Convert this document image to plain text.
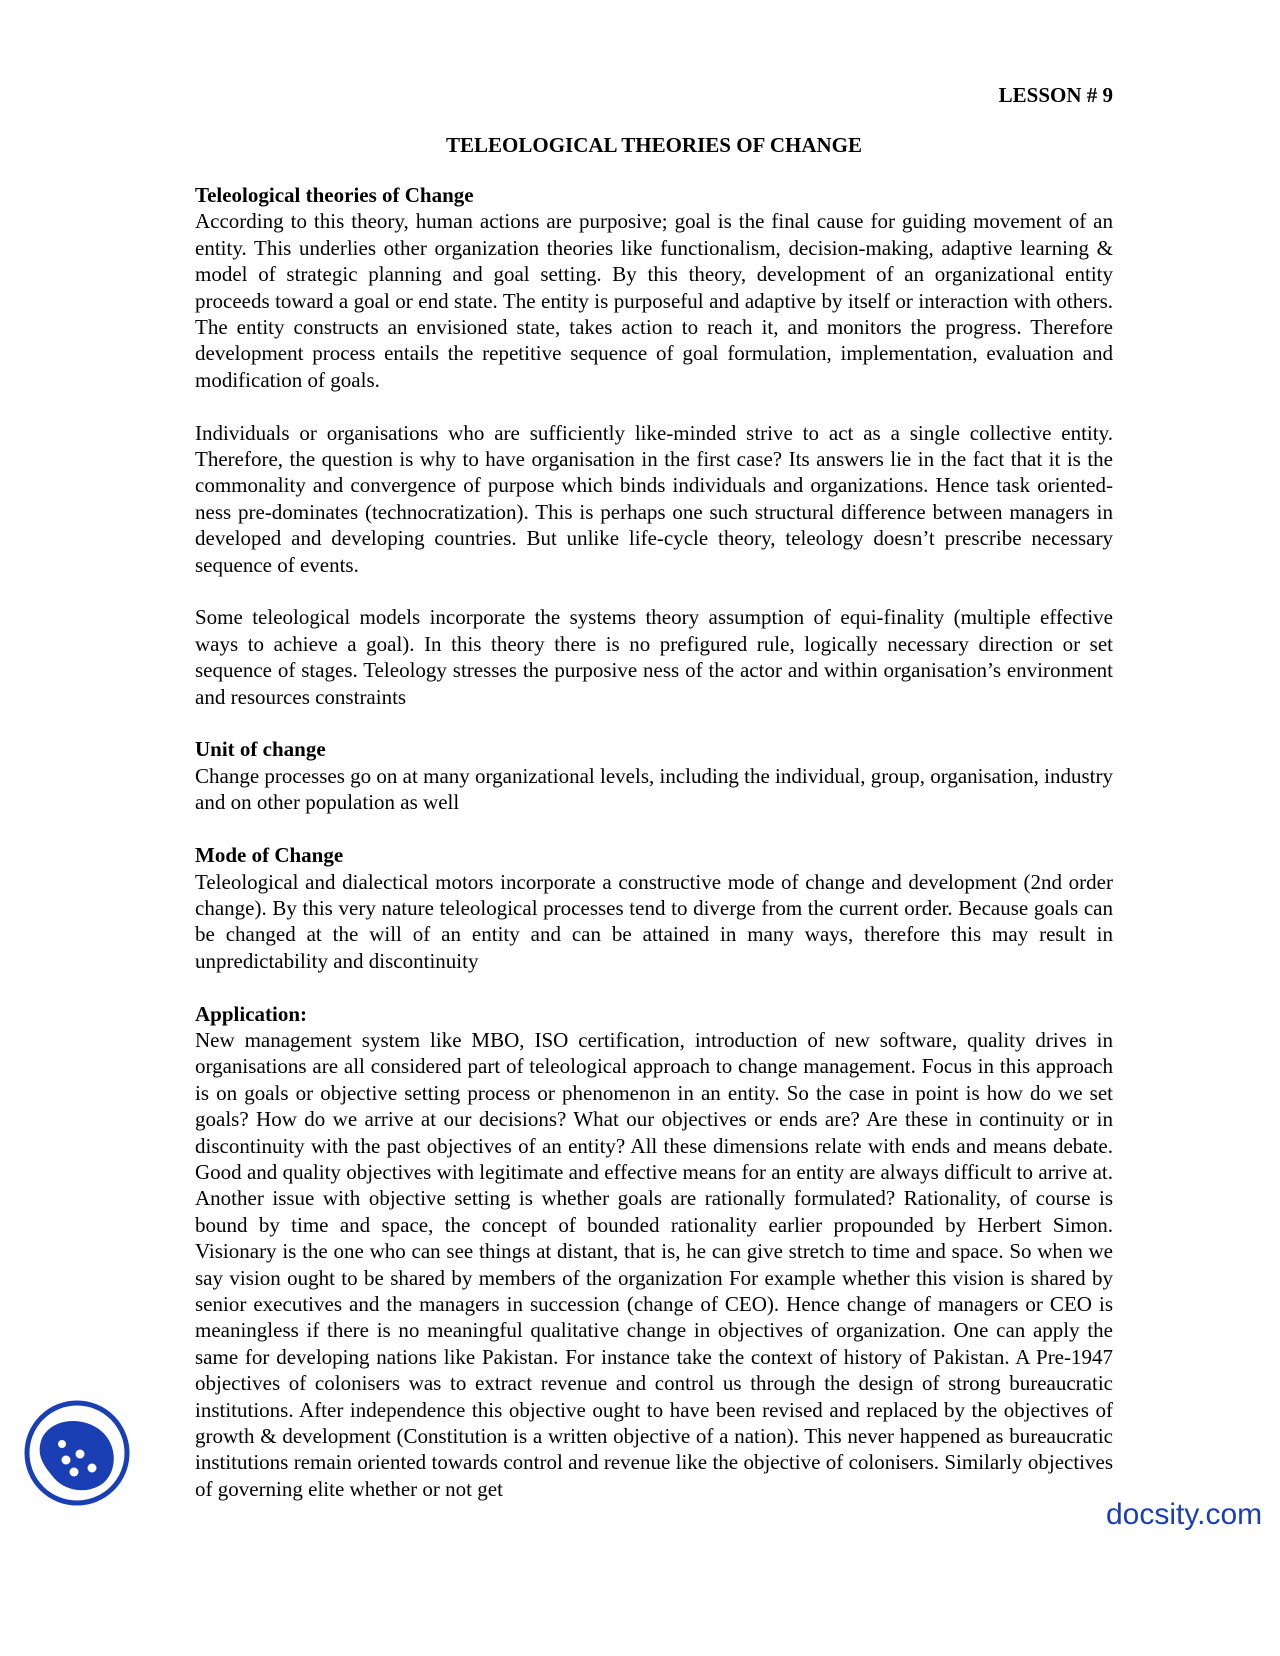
LESSON # 9
TELEOLOGICAL THEORIES OF CHANGE
Teleological theories of Change

According to this theory, human actions are purposive; goal is the final cause for guiding movement of an entity. This underlies other organization theories like functionalism, decision-making, adaptive learning & model of strategic planning and goal setting. By this theory, development of an organizational entity proceeds toward a goal or end state. The entity is purposeful and adaptive by itself or interaction with others. The entity constructs an envisioned state, takes action to reach it, and monitors the progress. Therefore development process entails the repetitive sequence of goal formulation, implementation, evaluation and modification of goals.

Individuals or organisations who are sufficiently like-minded strive to act as a single collective entity. Therefore, the question is why to have organisation in the first case? Its answers lie in the fact that it is the commonality and convergence of purpose which binds individuals and organizations. Hence task oriented-ness pre-dominates (technocratization). This is perhaps one such structural difference between managers in developed and developing countries. But unlike life-cycle theory, teleology doesn’t prescribe necessary sequence of events.

Some teleological models incorporate the systems theory assumption of equi-finality (multiple effective ways to achieve a goal). In this theory there is no prefigured rule, logically necessary direction or set sequence of stages. Teleology stresses the purposive ness of the actor and within organisation’s environment and resources constraints

Unit of change

Change processes go on at many organizational levels, including the individual, group, organisation, industry and on other population as well

Mode of Change

Teleological and dialectical motors incorporate a constructive mode of change and development (2nd order change). By this very nature teleological processes tend to diverge from the current order. Because goals can be changed at the will of an entity and can be attained in many ways, therefore this may result in unpredictability and discontinuity

Application:

New management system like MBO, ISO certification, introduction of new software, quality drives in organisations are all considered part of teleological approach to change management. Focus in this approach is on goals or objective setting process or phenomenon in an entity. So the case in point is how do we set goals? How do we arrive at our decisions? What our objectives or ends are? Are these in continuity or in discontinuity with the past objectives of an entity? All these dimensions relate with ends and means debate. Good and quality objectives with legitimate and effective means for an entity are always difficult to arrive at. Another issue with objective setting is whether goals are rationally formulated? Rationality, of course is bound by time and space, the concept of bounded rationality earlier propounded by Herbert Simon. Visionary is the one who can see things at distant, that is, he can give stretch to time and space. So when we say vision ought to be shared by members of the organization For example whether this vision is shared by senior executives and the managers in succession (change of CEO). Hence change of managers or CEO is meaningless if there is no meaningful qualitative change in objectives of organization. One can apply the same for developing nations like Pakistan. For instance take the context of history of Pakistan. A Pre-1947 objectives of colonisers was to extract revenue and control us through the design of strong bureaucratic institutions. After independence this objective ought to have been revised and replaced by the objectives of growth & development (Constitution is a written objective of a nation). This never happened as bureaucratic institutions remain oriented towards control and revenue like the objective of colonisers. Similarly objectives of governing elite whether or not get

docsity.com
